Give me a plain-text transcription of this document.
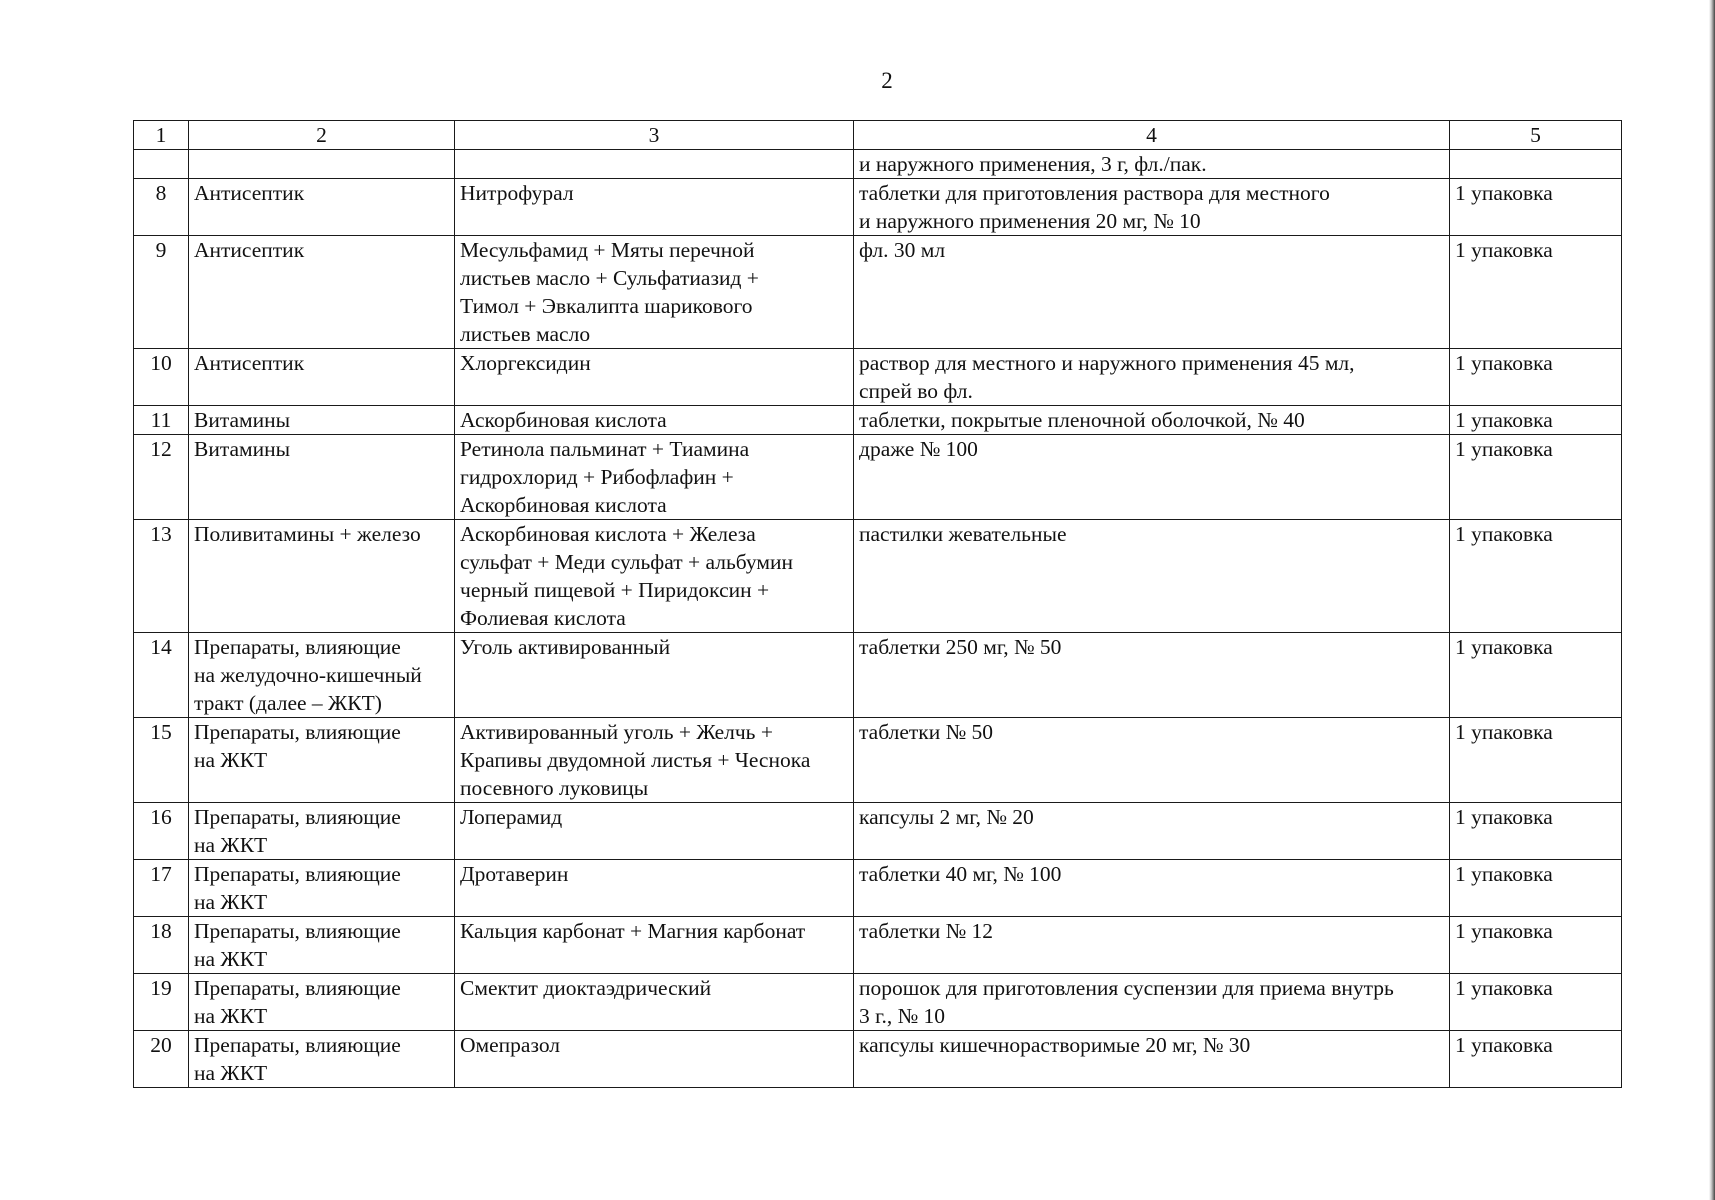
2
1	2	3	4	5
			и наружного применения, 3 г, фл./пак.	
8	Антисептик	Нитрофурал	таблетки для приготовления раствора для местного
и наружного применения 20 мг, № 10	1 упаковка
9	Антисептик	Месульфамид + Мяты перечной
листьев масло + Сульфатиазид +
Тимол + Эвкалипта шарикового
листьев масло	фл. 30 мл	1 упаковка
10	Антисептик	Хлоргексидин	раствор для местного и наружного применения 45 мл,
спрей во фл.	1 упаковка
11	Витамины	Аскорбиновая кислота	таблетки, покрытые пленочной оболочкой, № 40	1 упаковка
12	Витамины	Ретинола пальминат + Тиамина
гидрохлорид + Рибофлафин +
Аскорбиновая кислота	драже № 100	1 упаковка
13	Поливитамины + железо	Аскорбиновая кислота + Железа
сульфат + Меди сульфат + альбумин
черный пищевой + Пиридоксин +
Фолиевая кислота	пастилки жевательные	1 упаковка
14	Препараты, влияющие
на желудочно-кишечный
тракт (далее – ЖКТ)	Уголь активированный	таблетки 250 мг, № 50	1 упаковка
15	Препараты, влияющие
на ЖКТ	Активированный уголь + Желчь +
Крапивы двудомной листья + Чеснока
посевного луковицы	таблетки № 50	1 упаковка
16	Препараты, влияющие
на ЖКТ	Лоперамид	капсулы 2 мг, № 20	1 упаковка
17	Препараты, влияющие
на ЖКТ	Дротаверин	таблетки 40 мг, № 100	1 упаковка
18	Препараты, влияющие
на ЖКТ	Кальция карбонат + Магния карбонат	таблетки № 12	1 упаковка
19	Препараты, влияющие
на ЖКТ	Смектит диоктаэдрический	порошок для приготовления суспензии для приема внутрь
3 г., № 10	1 упаковка
20	Препараты, влияющие
на ЖКТ	Омепразол	капсулы кишечнорастворимые 20 мг, № 30	1 упаковка
